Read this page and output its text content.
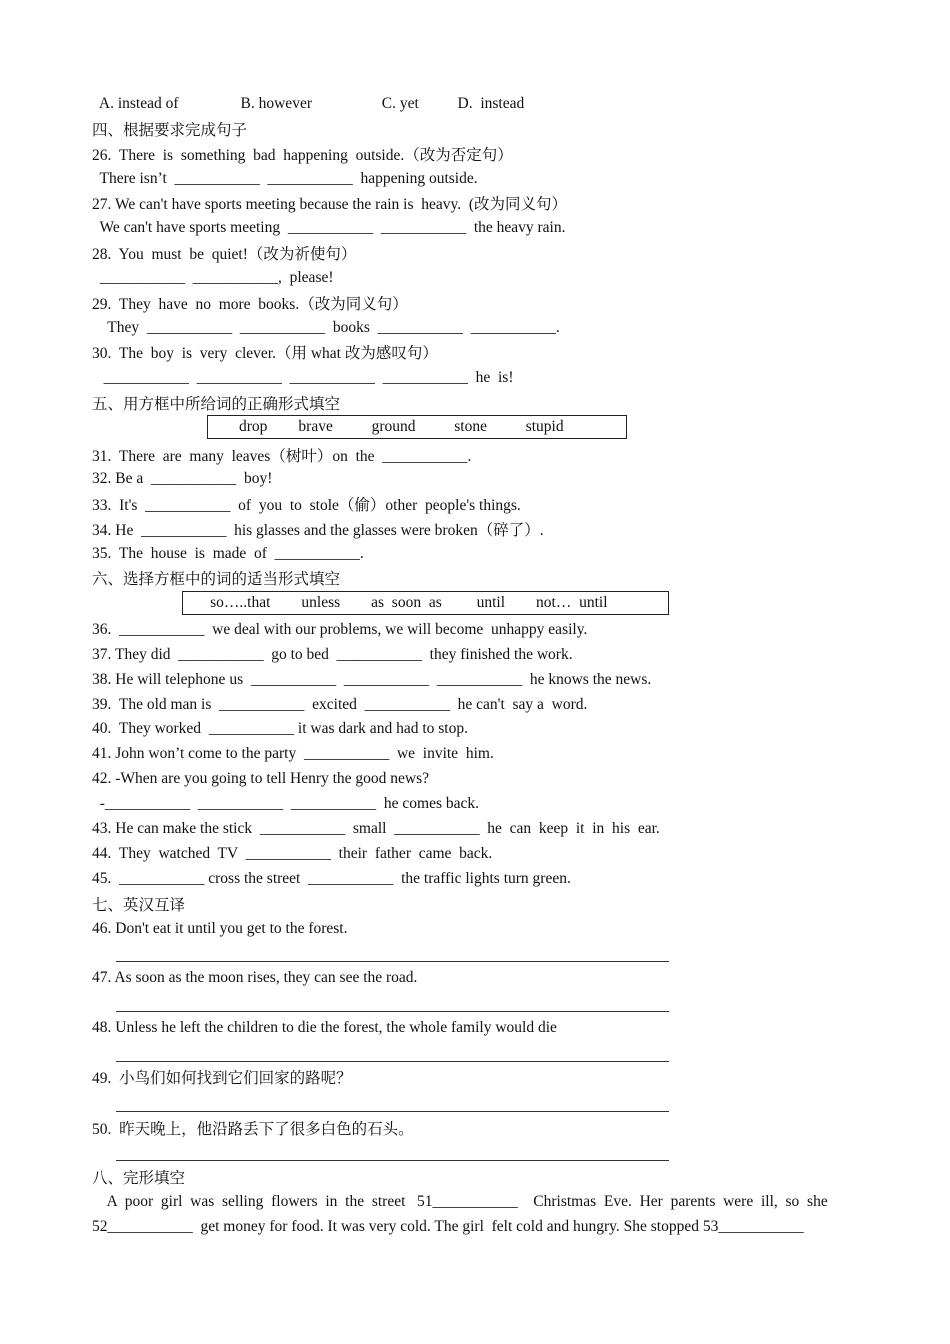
drop        brave          ground          stone          stupid
so…..that        unless        as  soon  as         until        not…  until
A. instead of                B. however                  C. yet          D.  instead
四、根据要求完成句子
26.  There  is  something  bad  happening  outside.（改为否定句）
There isn’t  ___________  ___________  happening outside.
27. We can't have sports meeting because the rain is  heavy.  (改为同义句）
We can't have sports meeting  ___________  ___________  the heavy rain.
28.  You  must  be  quiet!（改为祈使句）
___________  ___________,  please!
29.  They  have  no  more  books.（改为同义句）
They  ___________  ___________  books  ___________  ___________.
30.  The  boy  is  very  clever.（用 what 改为感叹句）
___________  ___________  ___________  ___________  he  is!
五、用方框中所给词的正确形式填空
31.  There  are  many  leaves（树叶）on  the  ___________.
32. Be a  ___________  boy!
33.  It's  ___________  of  you  to  stole（偷）other  people's things.
34. He  ___________  his glasses and the glasses were broken（碎了）.
35.  The  house  is  made  of  ___________.
六、选择方框中的词的适当形式填空
36.  ___________  we deal with our problems, we will become  unhappy easily.
37. They did  ___________  go to bed  ___________  they finished the work.
38. He will telephone us  ___________  ___________  ___________  he knows the news.
39.  The old man is  ___________  excited  ___________  he can't  say a  word.
40.  They worked  ___________ it was dark and had to stop.
41. John won’t come to the party  ___________  we  invite  him.
42. -When are you going to tell Henry the good news?
-___________  ___________  ___________  he comes back.
43. He can make the stick  ___________  small  ___________  he  can  keep  it  in  his  ear.
44.  They  watched  TV  ___________  their  father  came  back.
45.  ___________ cross the street  ___________  the traffic lights turn green.
七、英汉互译
46. Don't eat it until you get to the forest.
47. As soon as the moon rises, they can see the road.
48. Unless he left the children to die the forest, the whole family would die
49.  小鸟们如何找到它们回家的路呢？
50.  昨天晚上，他沿路丢下了很多白色的石头。
八、完形填空
A  poor  girl  was  selling  flowers  in  the  street   51___________    Christmas  Eve.  Her  parents  were  ill,  so  she
52___________  get money for food. It was very cold. The girl  felt cold and hungry. She stopped 53___________
